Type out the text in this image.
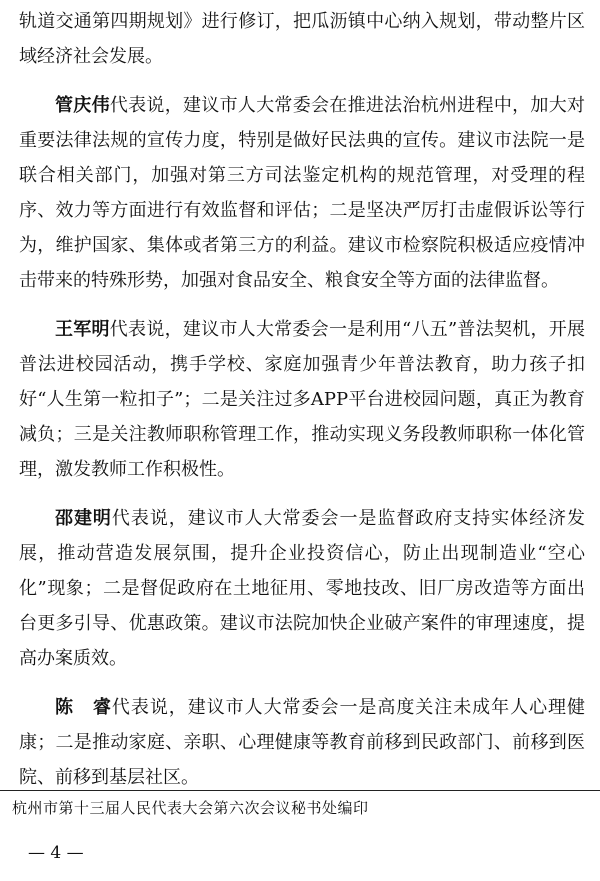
轨道交通第四期规划》进行修订，把瓜沥镇中心纳入规划，带动整片区域经济社会发展。

管庆伟代表说，建议市人大常委会在推进法治杭州进程中，加大对重要法律法规的宣传力度，特别是做好民法典的宣传。建议市法院一是联合相关部门，加强对第三方司法鉴定机构的规范管理，对受理的程序、效力等方面进行有效监督和评估；二是坚决严厉打击虚假诉讼等行为，维护国家、集体或者第三方的利益。建议市检察院积极适应疫情冲击带来的特殊形势，加强对食品安全、粮食安全等方面的法律监督。

王军明代表说，建议市人大常委会一是利用“八五”普法契机，开展普法进校园活动，携手学校、家庭加强青少年普法教育，助力孩子扣好“人生第一粒扣子”；二是关注过多APP平台进校园问题，真正为教育减负；三是关注教师职称管理工作，推动实现义务段教师职称一体化管理，激发教师工作积极性。

邵建明代表说，建议市人大常委会一是监督政府支持实体经济发展，推动营造发展氛围，提升企业投资信心，防止出现制造业“空心化”现象；二是督促政府在土地征用、零地技改、旧厂房改造等方面出台更多引导、优惠政策。建议市法院加快企业破产案件的审理速度，提高办案质效。

陈　睿代表说，建议市人大常委会一是高度关注未成年人心理健康；二是推动家庭、亲职、心理健康等教育前移到民政部门、前移到医院、前移到基层社区。

杭州市第十三届人民代表大会第六次会议秘书处编印
— 4 —
